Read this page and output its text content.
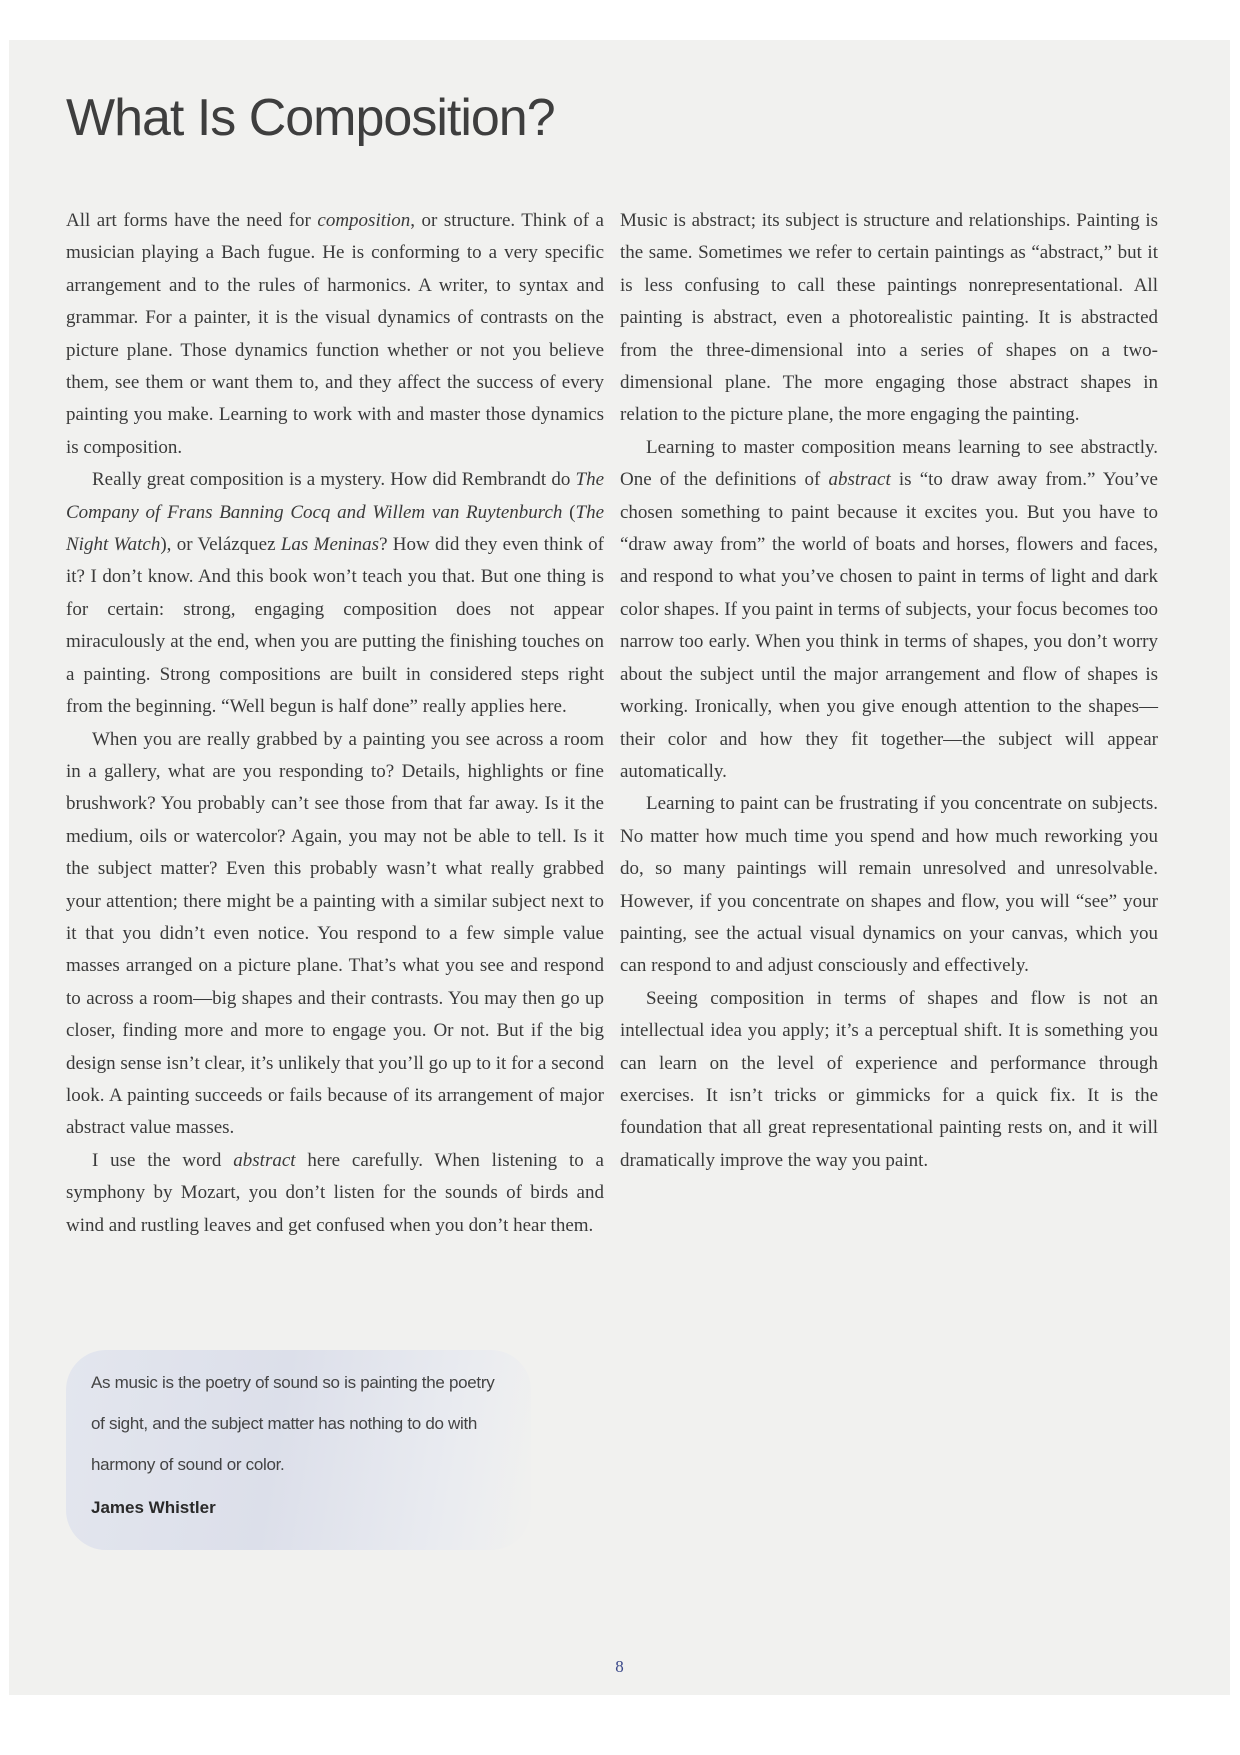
What Is Composition?

All art forms have the need for composition, or structure. Think of a musician playing a Bach fugue. He is conforming to a very specific arrangement and to the rules of harmonics. A writer, to syntax and grammar. For a painter, it is the visual dynamics of contrasts on the picture plane. Those dynamics function whether or not you believe them, see them or want them to, and they affect the success of every painting you make. Learning to work with and master those dynamics is composition.

Really great composition is a mystery. How did Rembrandt do The Company of Frans Banning Cocq and Willem van Ruytenburch (The Night Watch), or Velázquez Las Meninas? How did they even think of it? I don’t know. And this book won’t teach you that. But one thing is for certain: strong, engaging composition does not appear miraculously at the end, when you are putting the finishing touches on a painting. Strong compositions are built in considered steps right from the beginning. “Well begun is half done” really applies here.

When you are really grabbed by a painting you see across a room in a gallery, what are you responding to? Details, highlights or fine brushwork? You probably can’t see those from that far away. Is it the medium, oils or watercolor? Again, you may not be able to tell. Is it the subject matter? Even this probably wasn’t what really grabbed your attention; there might be a painting with a similar subject next to it that you didn’t even notice. You respond to a few simple value masses arranged on a picture plane. That’s what you see and respond to across a room—big shapes and their contrasts. You may then go up closer, finding more and more to engage you. Or not. But if the big design sense isn’t clear, it’s unlikely that you’ll go up to it for a second look. A painting succeeds or fails because of its arrangement of major abstract value masses.

I use the word abstract here carefully. When listening to a symphony by Mozart, you don’t listen for the sounds of birds and wind and rustling leaves and get confused when you don’t hear them.

Music is abstract; its subject is structure and relationships. Painting is the same. Sometimes we refer to certain paintings as “abstract,” but it is less confusing to call these paintings nonrepresentational. All painting is abstract, even a photorealistic painting. It is abstracted from the three-dimensional into a series of shapes on a two-dimensional plane. The more engaging those abstract shapes in relation to the picture plane, the more engaging the painting.

Learning to master composition means learning to see abstractly. One of the definitions of abstract is “to draw away from.” You’ve chosen something to paint because it excites you. But you have to “draw away from” the world of boats and horses, flowers and faces, and respond to what you’ve chosen to paint in terms of light and dark color shapes. If you paint in terms of subjects, your focus becomes too narrow too early. When you think in terms of shapes, you don’t worry about the subject until the major arrangement and flow of shapes is working. Ironically, when you give enough attention to the shapes—their color and how they fit together—the subject will appear automatically.

Learning to paint can be frustrating if you concentrate on subjects. No matter how much time you spend and how much reworking you do, so many paintings will remain unresolved and unresolvable. However, if you concentrate on shapes and flow, you will “see” your painting, see the actual visual dynamics on your canvas, which you can respond to and adjust consciously and effectively.

Seeing composition in terms of shapes and flow is not an intellectual idea you apply; it’s a perceptual shift. It is something you can learn on the level of experience and performance through exercises. It isn’t tricks or gimmicks for a quick fix. It is the foundation that all great representational painting rests on, and it will dramatically improve the way you paint.

As music is the poetry of sound so is painting the poetry
of sight, and the subject matter has nothing to do with
harmony of sound or color.
James Whistler
8
